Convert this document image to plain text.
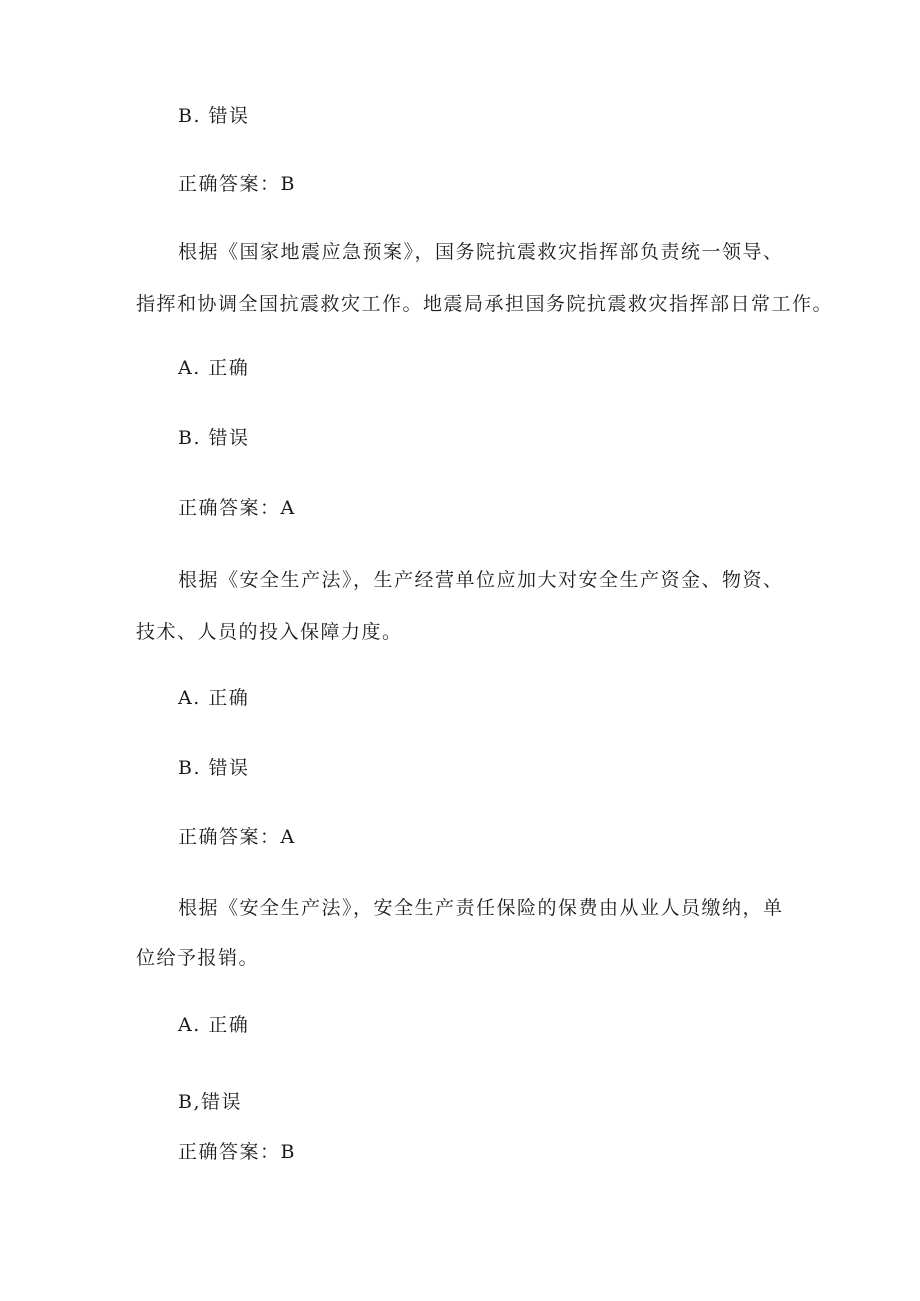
B. 错误
正确答案：B
根据《国家地震应急预案》，国务院抗震救灾指挥部负责统一领导、
指挥和协调全国抗震救灾工作。地震局承担国务院抗震救灾指挥部日常工作。
A. 正确
B. 错误
正确答案：A
根据《安全生产法》，生产经营单位应加大对安全生产资金、物资、
技术、人员的投入保障力度。
A. 正确
B. 错误
正确答案：A
根据《安全生产法》，安全生产责任保险的保费由从业人员缴纳，单
位给予报销。
A. 正确
B,错误
正确答案：B
